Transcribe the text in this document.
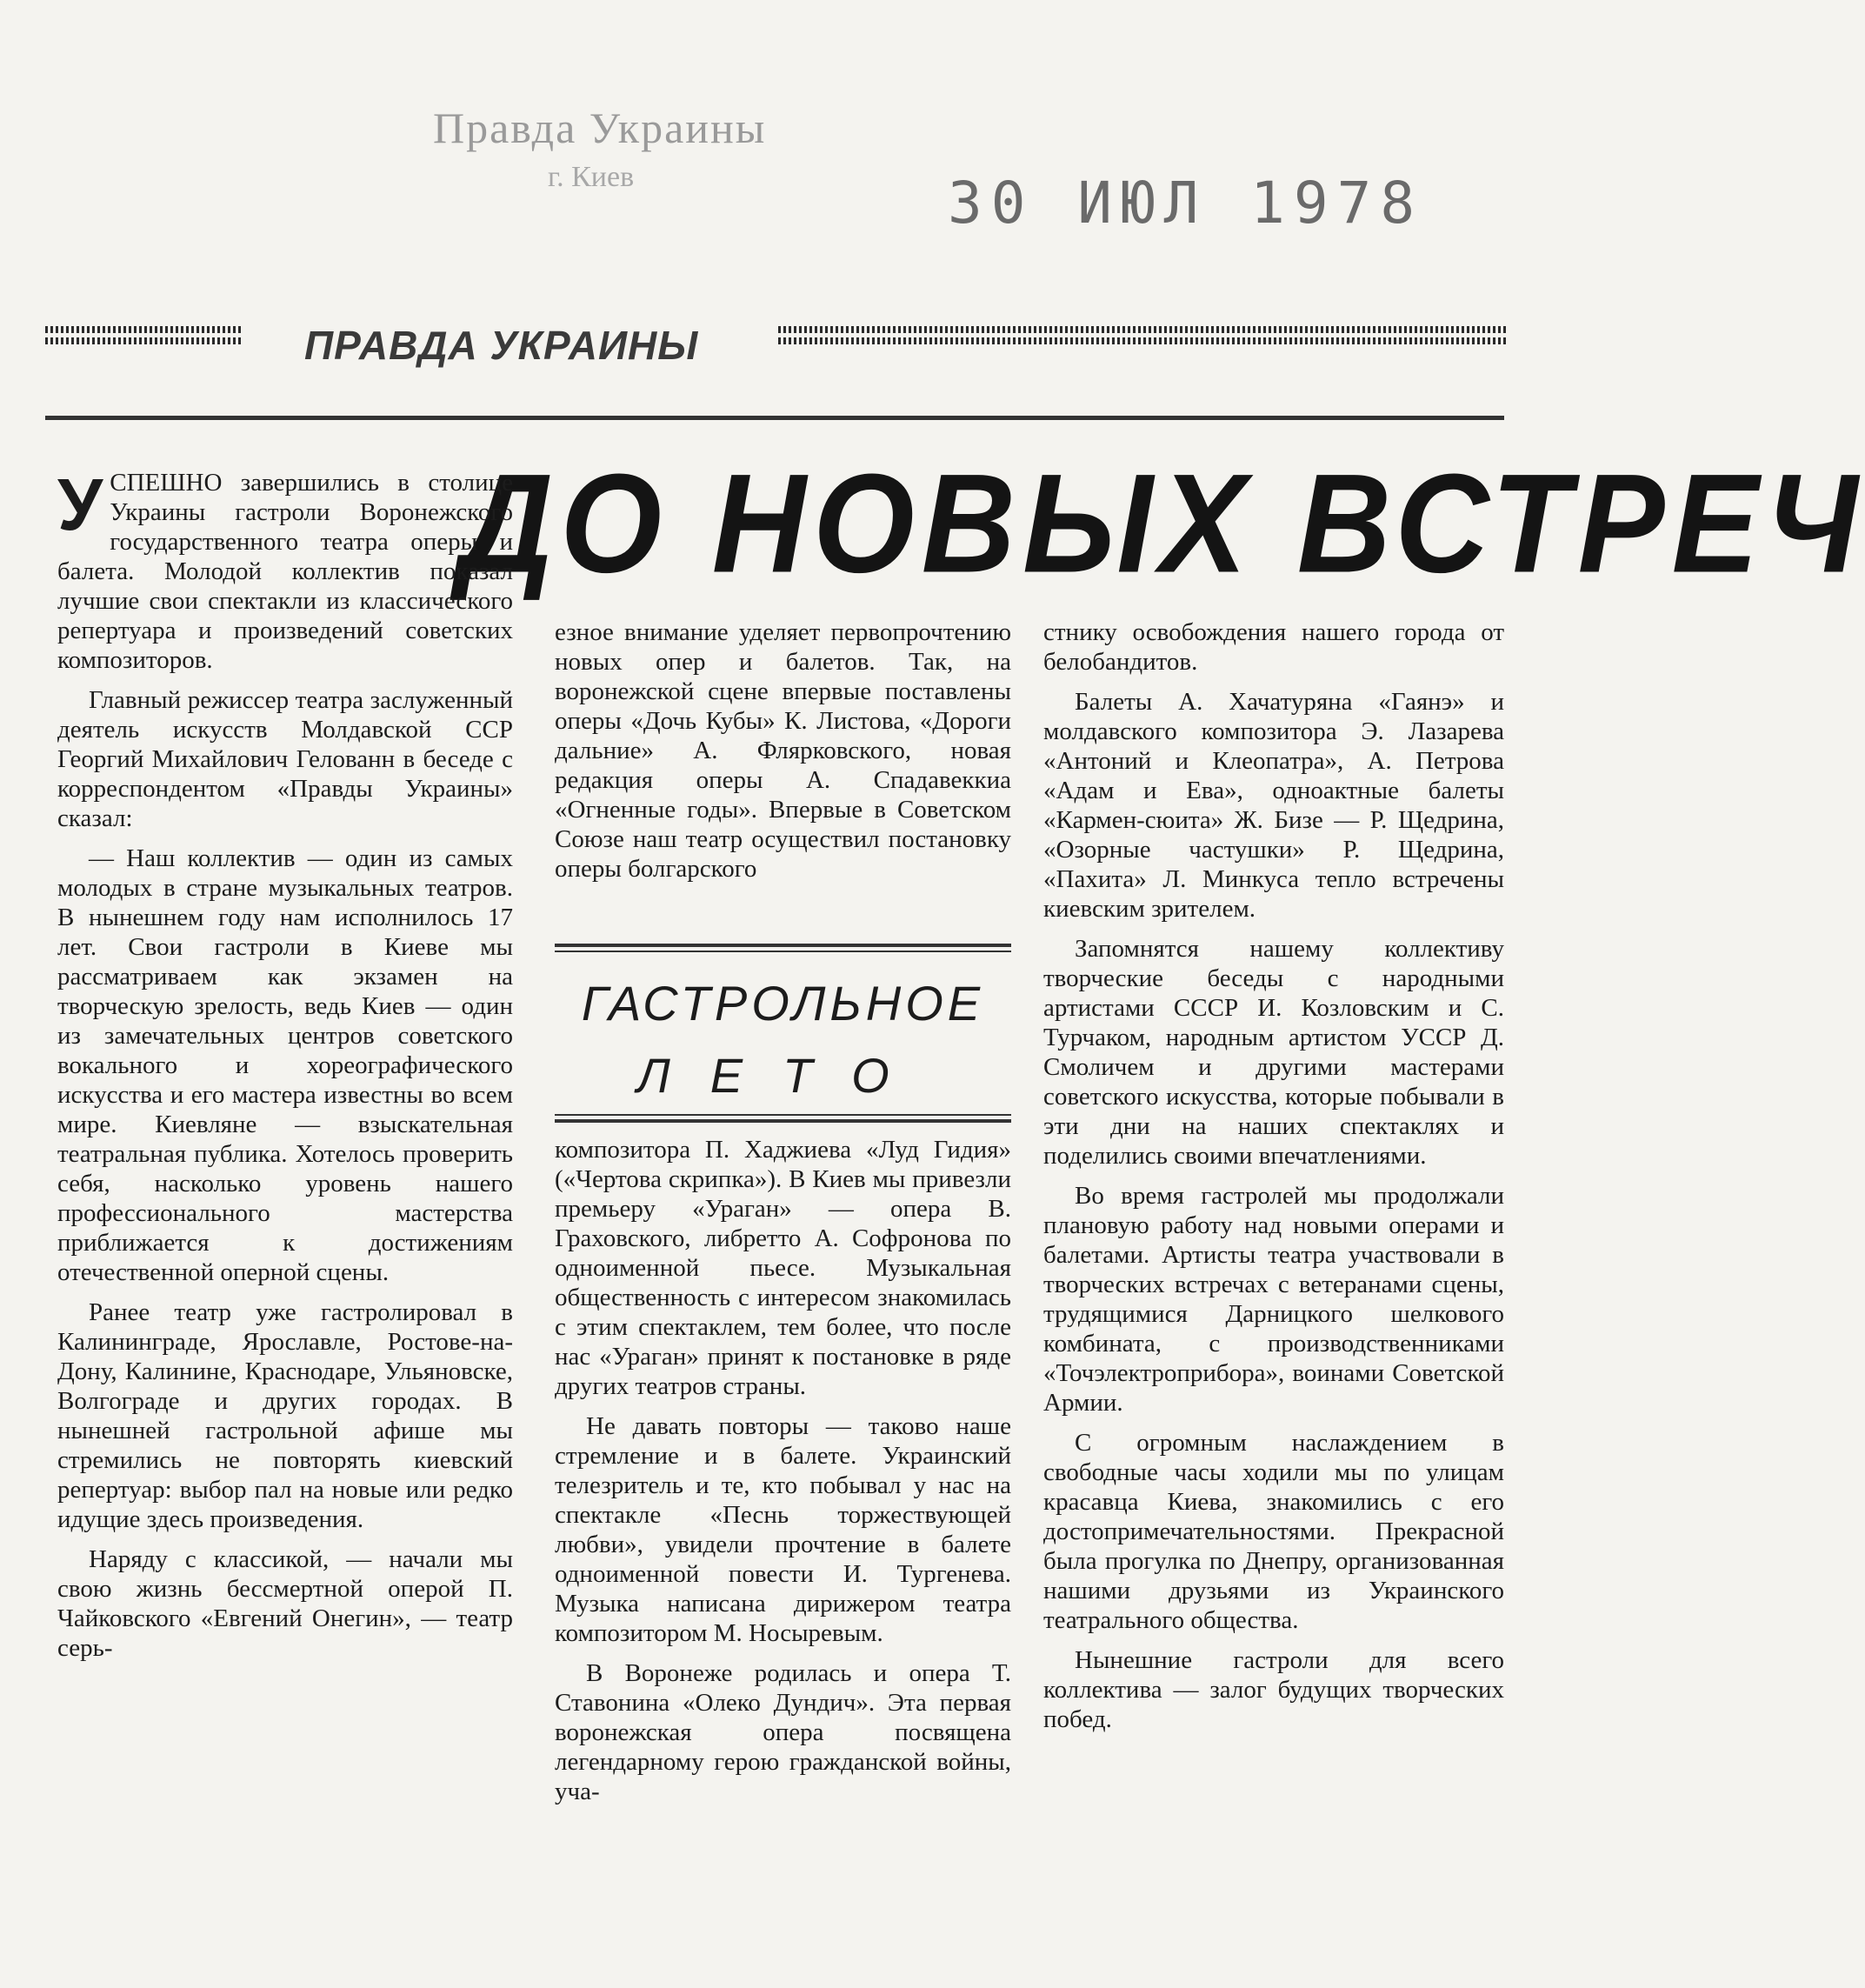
Правда Украины
г. Киев	30 ИЮЛ 1978
ПРАВДА УКРАИНЫ
ДО НОВЫХ ВСТРЕЧ

УСПЕШНО завершились в столице Украины гастроли Воронежского государственного театра оперы и балета. Молодой коллектив показал лучшие свои спектакли из классического репертуара и произведений советских композиторов.

Главный режиссер театра заслуженный деятель искусств Молдавской ССР Георгий Михайлович Гелованн в беседе с корреспондентом «Правды Украины» сказал:

— Наш коллектив — один из самых молодых в стране музыкальных театров. В нынешнем году нам исполнилось 17 лет. Свои гастроли в Киеве мы рассматриваем как экзамен на творческую зрелость, ведь Киев — один из замечательных центров советского вокального и хореографического искусства и его мастера известны во всем мире. Киевляне — взыскательная театральная публика. Хотелось проверить себя, насколько уровень нашего профессионального мастерства приближается к достижениям отечественной оперной сцены.

Ранее театр уже гастролировал в Калининграде, Ярославле, Ростове-на-Дону, Калинине, Краснодаре, Ульяновске, Волгограде и других городах. В нынешней гастрольной афише мы стремились не повторять киевский репертуар: выбор пал на новые или редко идущие здесь произведения.

Наряду с классикой, — начали мы свою жизнь бессмертной оперой П. Чайковского «Евгений Онегин», — театр серь-

езное внимание уделяет первопрочтению новых опер и балетов. Так, на воронежской сцене впервые поставлены оперы «Дочь Кубы» К. Листова, «Дороги дальние» А. Флярковского, новая редакция оперы А. Спадавеккиа «Огненные годы». Впервые в Советском Союзе наш театр осуществил постановку оперы болгарского

ГАСТРОЛЬНОЕ
ЛЕТО

композитора П. Хаджиева «Луд Гидия» («Чертова скрипка»). В Киев мы привезли премьеру «Ураган» — опера В. Граховского, либретто А. Софронова по одноименной пьесе. Музыкальная общественность с интересом знакомилась с этим спектаклем, тем более, что после нас «Ураган» принят к постановке в ряде других театров страны.

Не давать повторы — таково наше стремление и в балете. Украинский телезритель и те, кто побывал у нас на спектакле «Песнь торжествующей любви», увидели прочтение в балете одноименной повести И. Тургенева. Музыка написана дирижером театра композитором М. Носыревым.

В Воронеже родилась и опера Т. Ставонина «Олеко Дундич». Эта первая воронежская опера посвящена легендарному герою гражданской войны, уча-

стнику освобождения нашего города от белобандитов.

Балеты А. Хачатуряна «Гаянэ» и молдавского композитора Э. Лазарева «Антоний и Клеопатра», А. Петрова «Адам и Ева», одноактные балеты «Кармен-сюита» Ж. Бизе — Р. Щедрина, «Озорные частушки» Р. Щедрина, «Пахита» Л. Минкуса тепло встречены киевским зрителем.

Запомнятся нашему коллективу творческие беседы с народными артистами СССР И. Козловским и С. Турчаком, народным артистом УССР Д. Смоличем и другими мастерами советского искусства, которые побывали в эти дни на наших спектаклях и поделились своими впечатлениями.

Во время гастролей мы продолжали плановую работу над новыми операми и балетами. Артисты театра участвовали в творческих встречах с ветеранами сцены, трудящимися Дарницкого шелкового комбината, с производственниками «Точэлектроприбора», воинами Советской Армии.

С огромным наслаждением в свободные часы ходили мы по улицам красавца Киева, знакомились с его достопримечательностями. Прекрасной была прогулка по Днепру, организованная нашими друзьями из Украинского театрального общества.

Нынешние гастроли для всего коллектива — залог будущих творческих побед.
